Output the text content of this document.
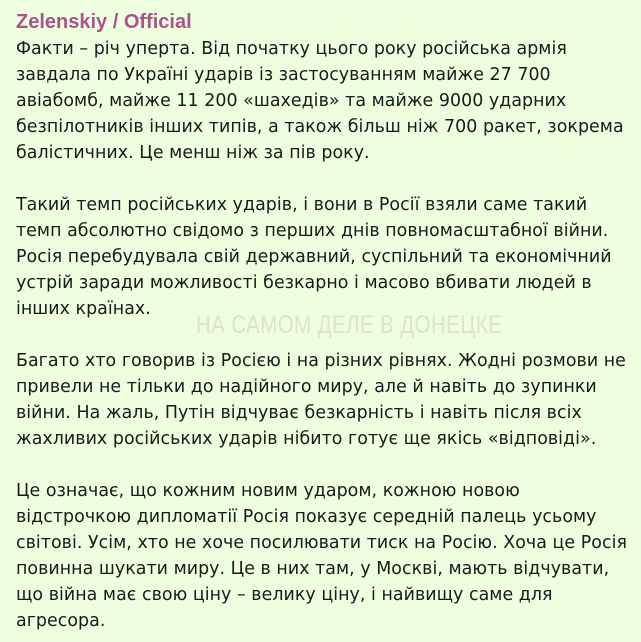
Zelenskiy / Official
Факти – річ уперта. Від початку цього року російська армія
завдала по Україні ударів із застосуванням майже 27 700
авіабомб, майже 11 200 «шахедів» та майже 9000 ударних
безпілотників інших типів, а також більш ніж 700 ракет, зокрема
балістичних. Це менш ніж за пів року.
Такий темп російських ударів, і вони в Росії взяли саме такий
темп абсолютно свідомо з перших днів повномасштабної війни.
Росія перебудувала свій державний, суспільний та економічний
устрій заради можливості безкарно і масово вбивати людей в
інших країнах.
Багато хто говорив із Росією і на різних рівнях. Жодні розмови не
привели не тільки до надійного миру, але й навіть до зупинки
війни. На жаль, Путін відчуває безкарність і навіть після всіх
жахливих російських ударів нібито готує ще якісь «відповіді».
Це означає, що кожним новим ударом, кожною новою
відстрочкою дипломатії Росія показує середній палець усьому
світові. Усім, хто не хоче посилювати тиск на Росію. Хоча це Росія
повинна шукати миру. Це в них там, у Москві, мають відчувати,
що війна має свою ціну – велику ціну, і найвищу саме для
агресора.
